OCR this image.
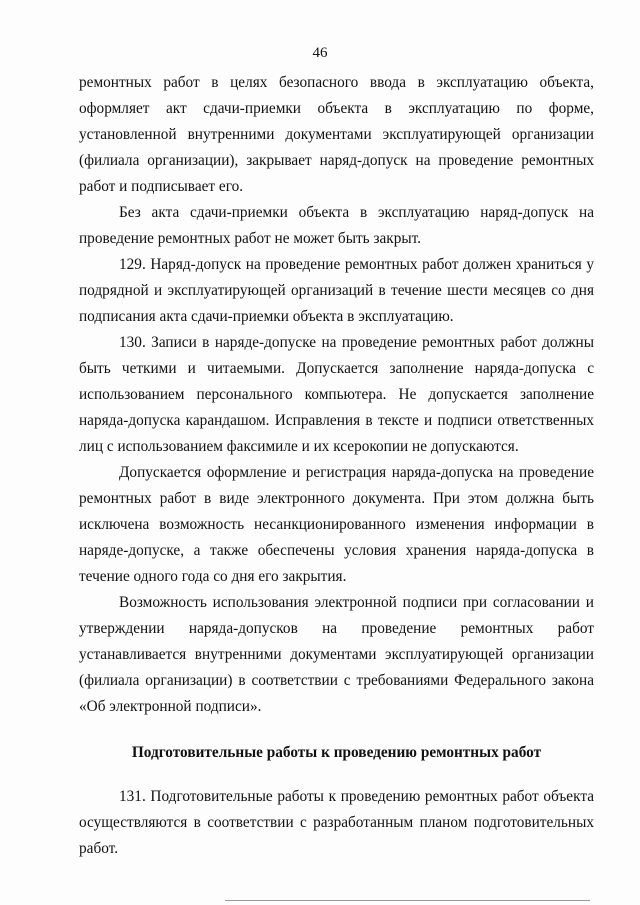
46

ремонтных работ в целях безопасного ввода в эксплуатацию объекта, оформляет акт сдачи-приемки объекта в эксплуатацию по форме, установленной внутренними документами эксплуатирующей организации (филиала организации), закрывает наряд-допуск на проведение ремонтных работ и подписывает его.

Без акта сдачи-приемки объекта в эксплуатацию наряд-допуск на проведение ремонтных работ не может быть закрыт.

129. Наряд-допуск на проведение ремонтных работ должен храниться у подрядной и эксплуатирующей организаций в течение шести месяцев со дня подписания акта сдачи-приемки объекта в эксплуатацию.

130. Записи в наряде-допуске на проведение ремонтных работ должны быть четкими и читаемыми. Допускается заполнение наряда-допуска с использованием персонального компьютера. Не допускается заполнение наряда-допуска карандашом. Исправления в тексте и подписи ответственных лиц с использованием факсимиле и их ксерокопии не допускаются.

Допускается оформление и регистрация наряда-допуска на проведение ремонтных работ в виде электронного документа. При этом должна быть исключена возможность несанкционированного изменения информации в наряде-допуске, а также обеспечены условия хранения наряда-допуска в течение одного года со дня его закрытия.

Возможность использования электронной подписи при согласовании и утверждении наряда-допусков на проведение ремонтных работ устанавливается внутренними документами эксплуатирующей организации (филиала организации) в соответствии с требованиями Федерального закона «Об электронной подписи».

Подготовительные работы к проведению ремонтных работ

131. Подготовительные работы к проведению ремонтных работ объекта осуществляются в соответствии с разработанным планом подготовительных работ.
